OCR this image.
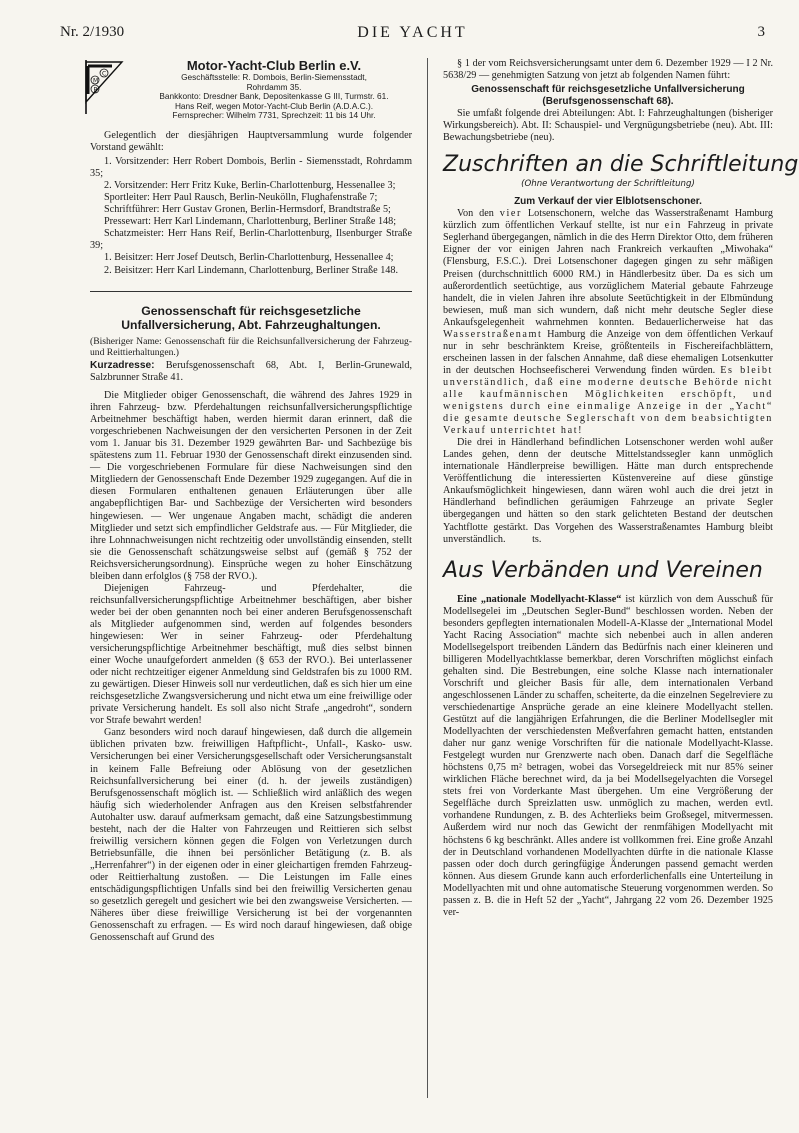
Nr. 2/1930	DIE YACHT	3
M
C
B
Motor-Yacht-Club Berlin e.V.
Geschäftsstelle: R. Dombois, Berlin-Siemensstadt,
Rohrdamm 35.
Bankkonto: Dresdner Bank, Depositenkasse G III, Turmstr. 61.
Hans Reif, wegen Motor-Yacht-Club Berlin (A.D.A.C.).
Fernsprecher: Wilhelm 7731, Sprechzeit: 11 bis 14 Uhr.

Gelegentlich der diesjährigen Hauptversammlung wurde folgender Vorstand gewählt:

1. Vorsitzender: Herr Robert Dombois, Berlin - Siemensstadt, Rohrdamm 35;

2. Vorsitzender: Herr Fritz Kuke, Berlin-Charlottenburg, Hessenallee 3;

Sportleiter: Herr Paul Rausch, Berlin-Neukölln, Flughafenstraße 7;

Schriftführer: Herr Gustav Gronen, Berlin-Hermsdorf, Brandtstraße 5;

Pressewart: Herr Karl Lindemann, Charlottenburg, Berliner Straße 148;

Schatzmeister: Herr Hans Reif, Berlin-Charlottenburg, Ilsenburger Straße 39;

1. Beisitzer: Herr Josef Deutsch, Berlin-Charlottenburg, Hessenallee 4;

2. Beisitzer: Herr Karl Lindemann, Charlottenburg, Berliner Straße 148.

Genossenschaft für reichsgesetzliche Unfallversicherung, Abt. Fahrzeughaltungen.

(Bisheriger Name: Genossenschaft für die Reichsunfallversicherung der Fahrzeug- und Reittierhaltungen.)

Kurzadresse: Berufsgenossenschaft 68, Abt. I, Berlin-Grunewald, Salzbrunner Straße 41.

Die Mitglieder obiger Genossenschaft, die während des Jahres 1929 in ihren Fahrzeug- bzw. Pferdehaltungen reichsunfallversicherungspflichtige Arbeitnehmer beschäftigt haben, werden hiermit daran erinnert, daß die vorgeschriebenen Nachweisungen der den versicherten Personen in der Zeit vom 1. Januar bis 31. Dezember 1929 gewährten Bar- und Sachbezüge bis spätestens zum 11. Februar 1930 der Genossenschaft direkt einzusenden sind. — Die vorgeschriebenen Formulare für diese Nachweisungen sind den Mitgliedern der Genossenschaft Ende Dezember 1929 zugegangen. Auf die in diesen Formularen enthaltenen genauen Erläuterungen über alle angabepflichtigen Bar- und Sachbezüge der Versicherten wird besonders hingewiesen. — Wer ungenaue Angaben macht, schädigt die anderen Mitglieder und setzt sich empfindlicher Geldstrafe aus. — Für Mitglieder, die ihre Lohnnachweisungen nicht rechtzeitig oder unvollständig einsenden, stellt sie die Genossenschaft schätzungsweise selbst auf (gemäß § 752 der Reichsversicherungsordnung). Einsprüche wegen zu hoher Einschätzung bleiben dann erfolglos (§ 758 der RVO.).

Diejenigen Fahrzeug- und Pferdehalter, die reichsunfallversicherungspflichtige Arbeitnehmer beschäftigen, aber bisher weder bei der oben genannten noch bei einer anderen Berufsgenossenschaft als Mitglieder aufgenommen sind, werden auf folgendes besonders hingewiesen: Wer in seiner Fahrzeug- oder Pferdehaltung versicherungspflichtige Arbeitnehmer beschäftigt, muß dies selbst binnen einer Woche unaufgefordert anmelden (§ 653 der RVO.). Bei unterlassener oder nicht rechtzeitiger eigener Anmeldung sind Geldstrafen bis zu 1000 RM. zu gewärtigen. Dieser Hinweis soll nur verdeutlichen, daß es sich hier um eine reichsgesetzliche Zwangsversicherung und nicht etwa um eine freiwillige oder private Versicherung handelt. Es soll also nicht Strafe „angedroht“, sondern vor Strafe bewahrt werden!

Ganz besonders wird noch darauf hingewiesen, daß durch die allgemein üblichen privaten bzw. freiwilligen Haftpflicht-, Unfall-, Kasko- usw. Versicherungen bei einer Versicherungsgesellschaft oder Versicherungsanstalt in keinem Falle Befreiung oder Ablösung von der gesetzlichen Reichsunfallversicherung bei einer (d. h. der jeweils zuständigen) Berufsgenossenschaft möglich ist. — Schließlich wird anläßlich des wegen häufig sich wiederholender Anfragen aus den Kreisen selbstfahrender Autohalter usw. darauf aufmerksam gemacht, daß eine Satzungsbestimmung besteht, nach der die Halter von Fahrzeugen und Reittieren sich selbst freiwillig versichern können gegen die Folgen von Verletzungen durch Betriebsunfälle, die ihnen bei persönlicher Betätigung (z. B. als „Herrenfahrer“) in der eigenen oder in einer gleichartigen fremden Fahrzeug- oder Reittierhaltung zustoßen. — Die Leistungen im Falle eines entschädigungspflichtigen Unfalls sind bei den freiwillig Versicherten genau so gesetzlich geregelt und gesichert wie bei den zwangsweise Versicherten. — Näheres über diese freiwillige Versicherung ist bei der vorgenannten Genossenschaft zu erfragen. — Es wird noch darauf hingewiesen, daß obige Genossenschaft auf Grund des

§ 1 der vom Reichsversicherungsamt unter dem 6. Dezember 1929 — I 2 Nr. 5638/29 — genehmigten Satzung von jetzt ab folgenden Namen führt:

Genossenschaft für reichsgesetzliche Unfallversicherung (Berufsgenossenschaft 68).

Sie umfaßt folgende drei Abteilungen: Abt. I: Fahrzeughaltungen (bisheriger Wirkungsbereich). Abt. II: Schauspiel- und Vergnügungsbetriebe (neu). Abt. III: Bewachungsbetriebe (neu).

Zuschriften an die Schriftleitung
(Ohne Verantwortung der Schriftleitung)
Zum Verkauf der vier Elblotsenschoner.

Von den vier Lotsenschonern, welche das Wasserstraßenamt Hamburg kürzlich zum öffentlichen Verkauf stellte, ist nur ein Fahrzeug in private Seglerhand übergegangen, nämlich in die des Herrn Direktor Otto, dem früheren Eigner der vor einigen Jahren nach Frankreich verkauften „Miwohaka“ (Flensburg, F.S.C.). Drei Lotsenschoner dagegen gingen zu sehr mäßigen Preisen (durchschnittlich 6000 RM.) in Händlerbesitz über. Da es sich um außerordentlich seetüchtige, aus vorzüglichem Material gebaute Fahrzeuge handelt, die in vielen Jahren ihre absolute Seetüchtigkeit in der Elbmündung bewiesen, muß man sich wundern, daß nicht mehr deutsche Segler diese Ankaufsgelegenheit wahrnehmen konnten. Bedauerlicherweise hat das Wasserstraßenamt Hamburg die Anzeige von dem öffentlichen Verkauf nur in sehr beschränktem Kreise, größtenteils in Fischereifachblättern, erscheinen lassen in der falschen Annahme, daß diese ehemaligen Lotsenkutter in der deutschen Hochseefischerei Verwendung finden würden. Es bleibt unverständlich, daß eine moderne deutsche Behörde nicht alle kaufmännischen Möglichkeiten erschöpft, und wenigstens durch eine einmalige Anzeige in der „Yacht“ die gesamte deutsche Seglerschaft von dem beabsichtigten Verkauf unterrichtet hat!

Die drei in Händlerhand befindlichen Lotsenschoner werden wohl außer Landes gehen, denn der deutsche Mittelstandssegler kann unmöglich internationale Händlerpreise bewilligen. Hätte man durch entsprechende Veröffentlichung die interessierten Küstenvereine auf diese günstige Ankaufsmöglichkeit hingewiesen, dann wären wohl auch die drei jetzt in Händlerhand befindlichen geräumigen Fahrzeuge an private Segler übergegangen und hätten so den stark gelichteten Bestand der deutschen Yachtflotte gestärkt. Das Vorgehen des Wasserstraßenamtes Hamburg bleibt unverständlich.	ts.

Aus Verbänden und Vereinen

Eine „nationale Modellyacht-Klasse“ ist kürzlich von dem Ausschuß für Modellsegelei im „Deutschen Segler-Bund“ beschlossen worden. Neben der besonders gepflegten internationalen Modell-A-Klasse der „International Model Yacht Racing Association“ machte sich nebenbei auch in allen anderen Modellsegelsport treibenden Ländern das Bedürfnis nach einer kleineren und billigeren Modellyachtklasse bemerkbar, deren Vorschriften möglichst einfach gehalten sind. Die Bestrebungen, eine solche Klasse nach internationaler Vorschrift und gleicher Basis für alle, dem internationalen Verband angeschlossenen Länder zu schaffen, scheiterte, da die einzelnen Segelreviere zu verschiedenartige Ansprüche gerade an eine kleinere Modellyacht stellen. Gestützt auf die langjährigen Erfahrungen, die die Berliner Modellsegler mit Modellyachten der verschiedensten Meßverfahren gemacht hatten, entstanden daher nur ganz wenige Vorschriften für die nationale Modellyacht-Klasse. Festgelegt wurden nur Grenzwerte nach oben. Danach darf die Segelfläche höchstens 0,75 m² betragen, wobei das Vorsegeldreieck mit nur 85% seiner wirklichen Fläche berechnet wird, da ja bei Modellsegelyachten die Vorsegel stets frei von Vorderkante Mast übergehen. Um eine Vergrößerung der Segelfläche durch Spreizlatten usw. unmöglich zu machen, werden evtl. vorhandene Rundungen, z. B. des Achterlieks beim Großsegel, mitvermessen. Außerdem wird nur noch das Gewicht der renmfähigen Modellyacht mit höchstens 6 kg beschränkt. Alles andere ist vollkommen frei. Eine große Anzahl der in Deutschland vorhandenen Modellyachten dürfte in die nationale Klasse passen oder doch durch geringfügige Änderungen passend gemacht werden können. Aus diesem Grunde kann auch erforderlichenfalls eine Unterteilung in Modellyachten mit und ohne automatische Steuerung vorgenommen werden. So passen z. B. die in Heft 52 der „Yacht“, Jahrgang 22 vom 26. Dezember 1925 ver-
